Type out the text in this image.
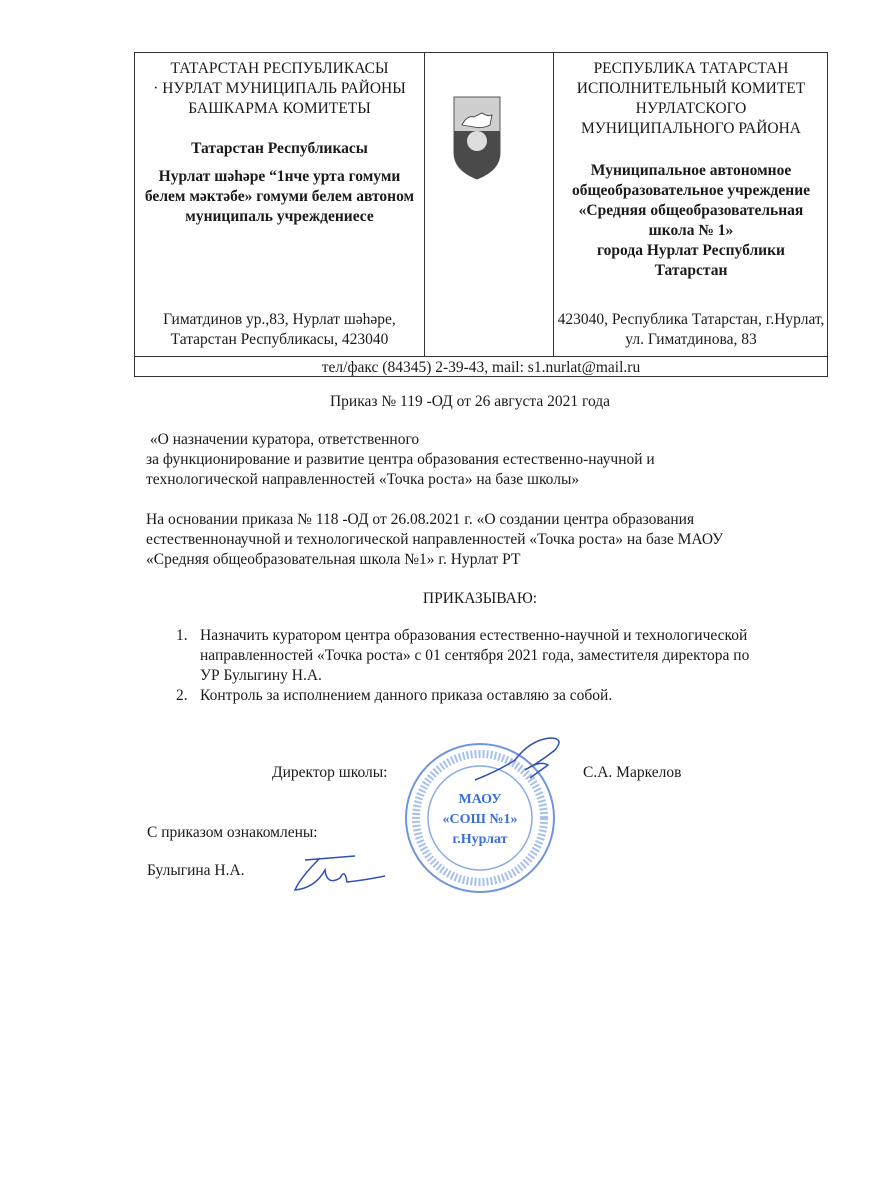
ТАТАРСТАН РЕСПУБЛИКАСЫ
· НУРЛАТ МУНИЦИПАЛЬ РАЙОНЫ
БАШКАРМА КОМИТЕТЫ
Татарстан Республикасы
Нурлат шәһәре “1нче урта гомуми
белем мәктәбе» гомуми белем автоном
муниципаль учреждениесе
Гиматдинов ур.,83, Нурлат шәһәре,
Татарстан Республикасы, 423040
РЕСПУБЛИКА ТАТАРСТАН
ИСПОЛНИТЕЛЬНЫЙ КОМИТЕТ
НУРЛАТСКОГО
МУНИЦИПАЛЬНОГО РАЙОНА
Муниципальное автономное
общеобразовательное учреждение
«Средняя общеобразовательная
школа № 1»
города Нурлат Республики
Татарстан
423040, Республика Татарстан, г.Нурлат,
ул. Гиматдинова, 83
тел/факс (84345) 2-39-43, mail: s1.nurlat@mail.ru
Приказ № 119 -ОД от 26 августа 2021 года
«О назначении куратора, ответственного
за функционирование и развитие центра образования естественно-научной и
технологической направленностей «Точка роста» на базе школы»
На основании приказа № 118 -ОД от 26.08.2021 г. «О создании центра образования
естественнонаучной и технологической направленностей «Точка роста» на базе МАОУ
«Средняя общеобразовательная школа №1» г. Нурлат РТ
ПРИКАЗЫВАЮ:
1. Назначить куратором центра образования естественно-научной и технологической
направленностей «Точка роста» с 01 сентября 2021 года, заместителя директора по
УР Булыгину Н.А.
2. Контроль за исполнением данного приказа оставляю за собой.
МАОУ
«СОШ №1»
г.Нурлат
Директор школы:	С.А. Маркелов
С приказом ознакомлены:
Булыгина Н.А.
